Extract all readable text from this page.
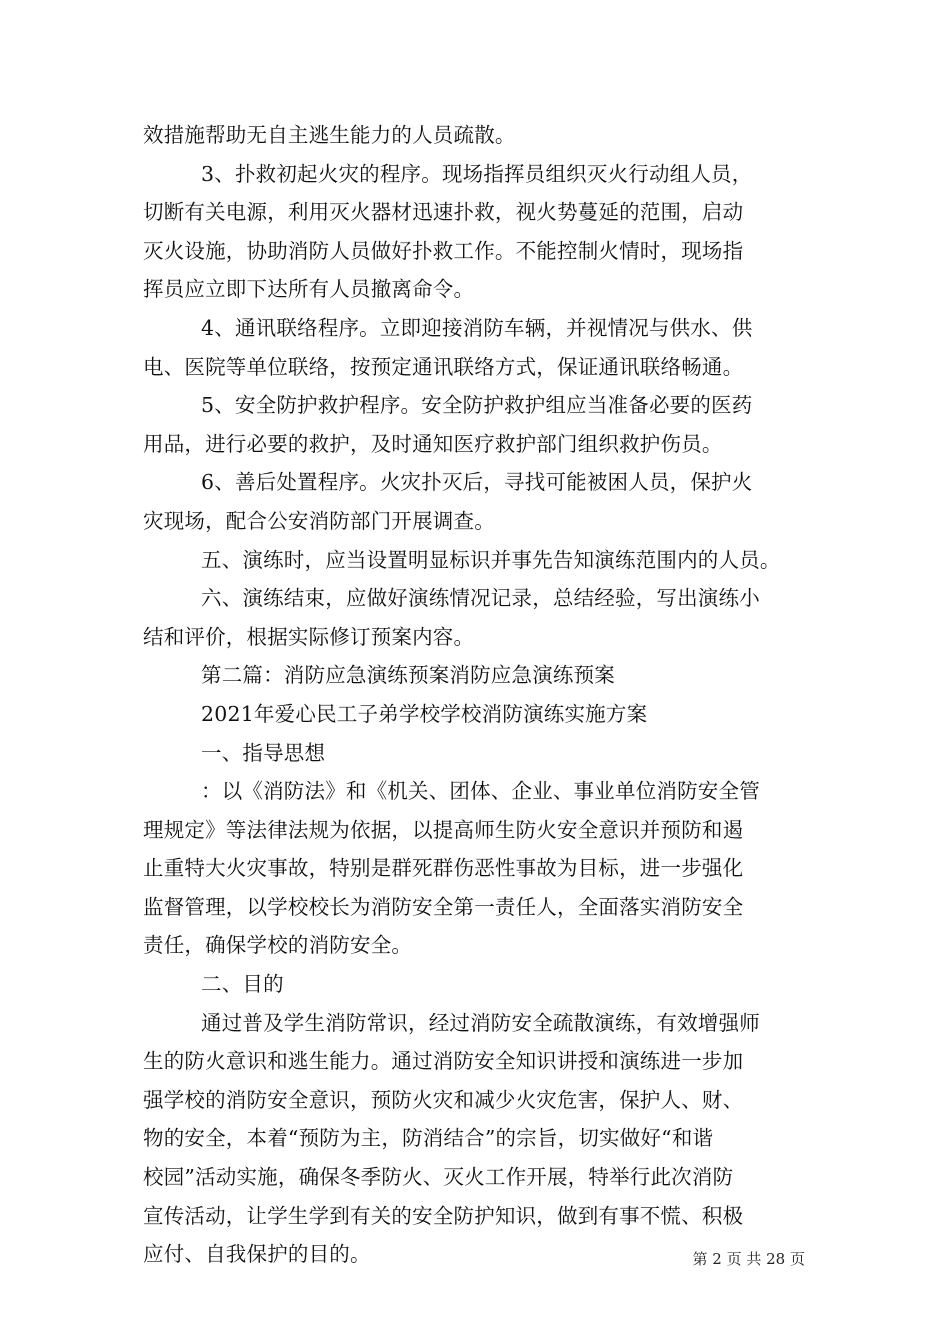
效措施帮助无自主逃生能力的人员疏散。
3、扑救初起火灾的程序。现场指挥员组织灭火行动组人员，
切断有关电源，利用灭火器材迅速扑救，视火势蔓延的范围，启动
灭火设施，协助消防人员做好扑救工作。不能控制火情时，现场指
挥员应立即下达所有人员撤离命令。
4、通讯联络程序。立即迎接消防车辆，并视情况与供水、供
电、医院等单位联络，按预定通讯联络方式，保证通讯联络畅通。
5、安全防护救护程序。安全防护救护组应当准备必要的医药
用品，进行必要的救护，及时通知医疗救护部门组织救护伤员。
6、善后处置程序。火灾扑灭后，寻找可能被困人员，保护火
灾现场，配合公安消防部门开展调查。
五、演练时，应当设置明显标识并事先告知演练范围内的人员。
六、演练结束，应做好演练情况记录，总结经验，写出演练小
结和评价，根据实际修订预案内容。
第二篇：消防应急演练预案消防应急演练预案
2021年爱心民工子弟学校学校消防演练实施方案
一、指导思想
：以《消防法》和《机关、团体、企业、事业单位消防安全管
理规定》等法律法规为依据，以提高师生防火安全意识并预防和遏
止重特大火灾事故，特别是群死群伤恶性事故为目标，进一步强化
监督管理，以学校校长为消防安全第一责任人，全面落实消防安全
责任，确保学校的消防安全。
二、目的
通过普及学生消防常识，经过消防安全疏散演练，有效增强师
生的防火意识和逃生能力。通过消防安全知识讲授和演练进一步加
强学校的消防安全意识，预防火灾和减少火灾危害，保护人、财、
物的安全，本着“预防为主，防消结合”的宗旨，切实做好“和谐
校园”活动实施，确保冬季防火、灭火工作开展，特举行此次消防
宣传活动，让学生学到有关的安全防护知识，做到有事不慌、积极
应付、自我保护的目的。	第 2 页 共 28 页
